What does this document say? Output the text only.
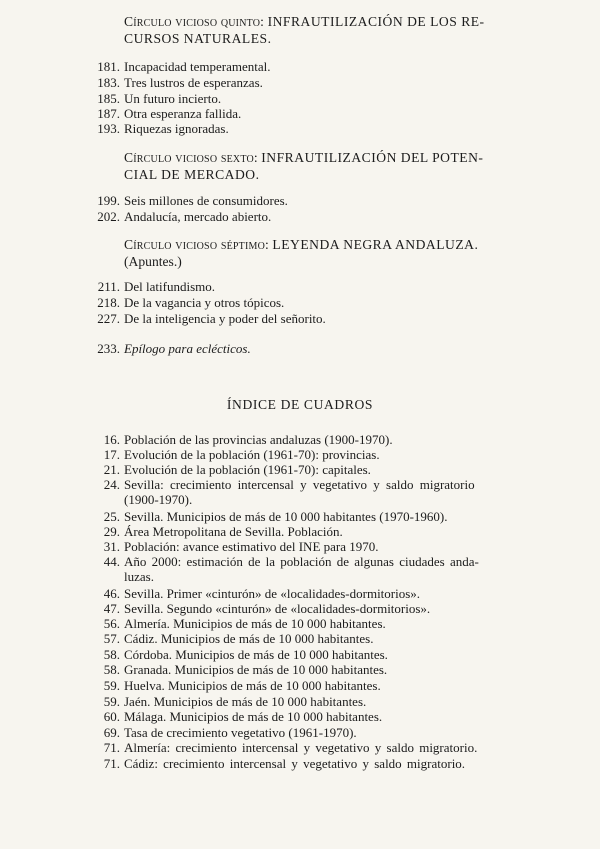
Círculo vicioso quinto: INFRAUTILIZACIÓN DE LOS RE-
CURSOS NATURALES.
181. Incapacidad temperamental.
183. Tres lustros de esperanzas.
185. Un futuro incierto.
187. Otra esperanza fallida.
193. Riquezas ignoradas.
Círculo vicioso sexto: INFRAUTILIZACIÓN DEL POTEN-
CIAL DE MERCADO.
199. Seis millones de consumidores.
202. Andalucía, mercado abierto.
Círculo vicioso séptimo: LEYENDA NEGRA ANDALUZA.
(Apuntes.)
211. Del latifundismo.
218. De la vagancia y otros tópicos.
227. De la inteligencia y poder del señorito.
233. Epílogo para eclécticos.
ÍNDICE DE CUADROS
16. Población de las provincias andaluzas (1900-1970).
17. Evolución de la población (1961-70): provincias.
21. Evolución de la población (1961-70): capitales.
24. Sevilla: crecimiento intercensal y vegetativo y saldo migratorio
(1900-1970).
25. Sevilla. Municipios de más de 10 000 habitantes (1970-1960).
29. Área Metropolitana de Sevilla. Población.
31. Población: avance estimativo del INE para 1970.
44. Año 2000: estimación de la población de algunas ciudades anda-
luzas.
46. Sevilla. Primer «cinturón» de «localidades-dormitorios».
47. Sevilla. Segundo «cinturón» de «localidades-dormitorios».
56. Almería. Municipios de más de 10 000 habitantes.
57. Cádiz. Municipios de más de 10 000 habitantes.
58. Córdoba. Municipios de más de 10 000 habitantes.
58. Granada. Municipios de más de 10 000 habitantes.
59. Huelva. Municipios de más de 10 000 habitantes.
59. Jaén. Municipios de más de 10 000 habitantes.
60. Málaga. Municipios de más de 10 000 habitantes.
69. Tasa de crecimiento vegetativo (1961-1970).
71. Almería: crecimiento intercensal y vegetativo y saldo migratorio.
71. Cádiz: crecimiento intercensal y vegetativo y saldo migratorio.
